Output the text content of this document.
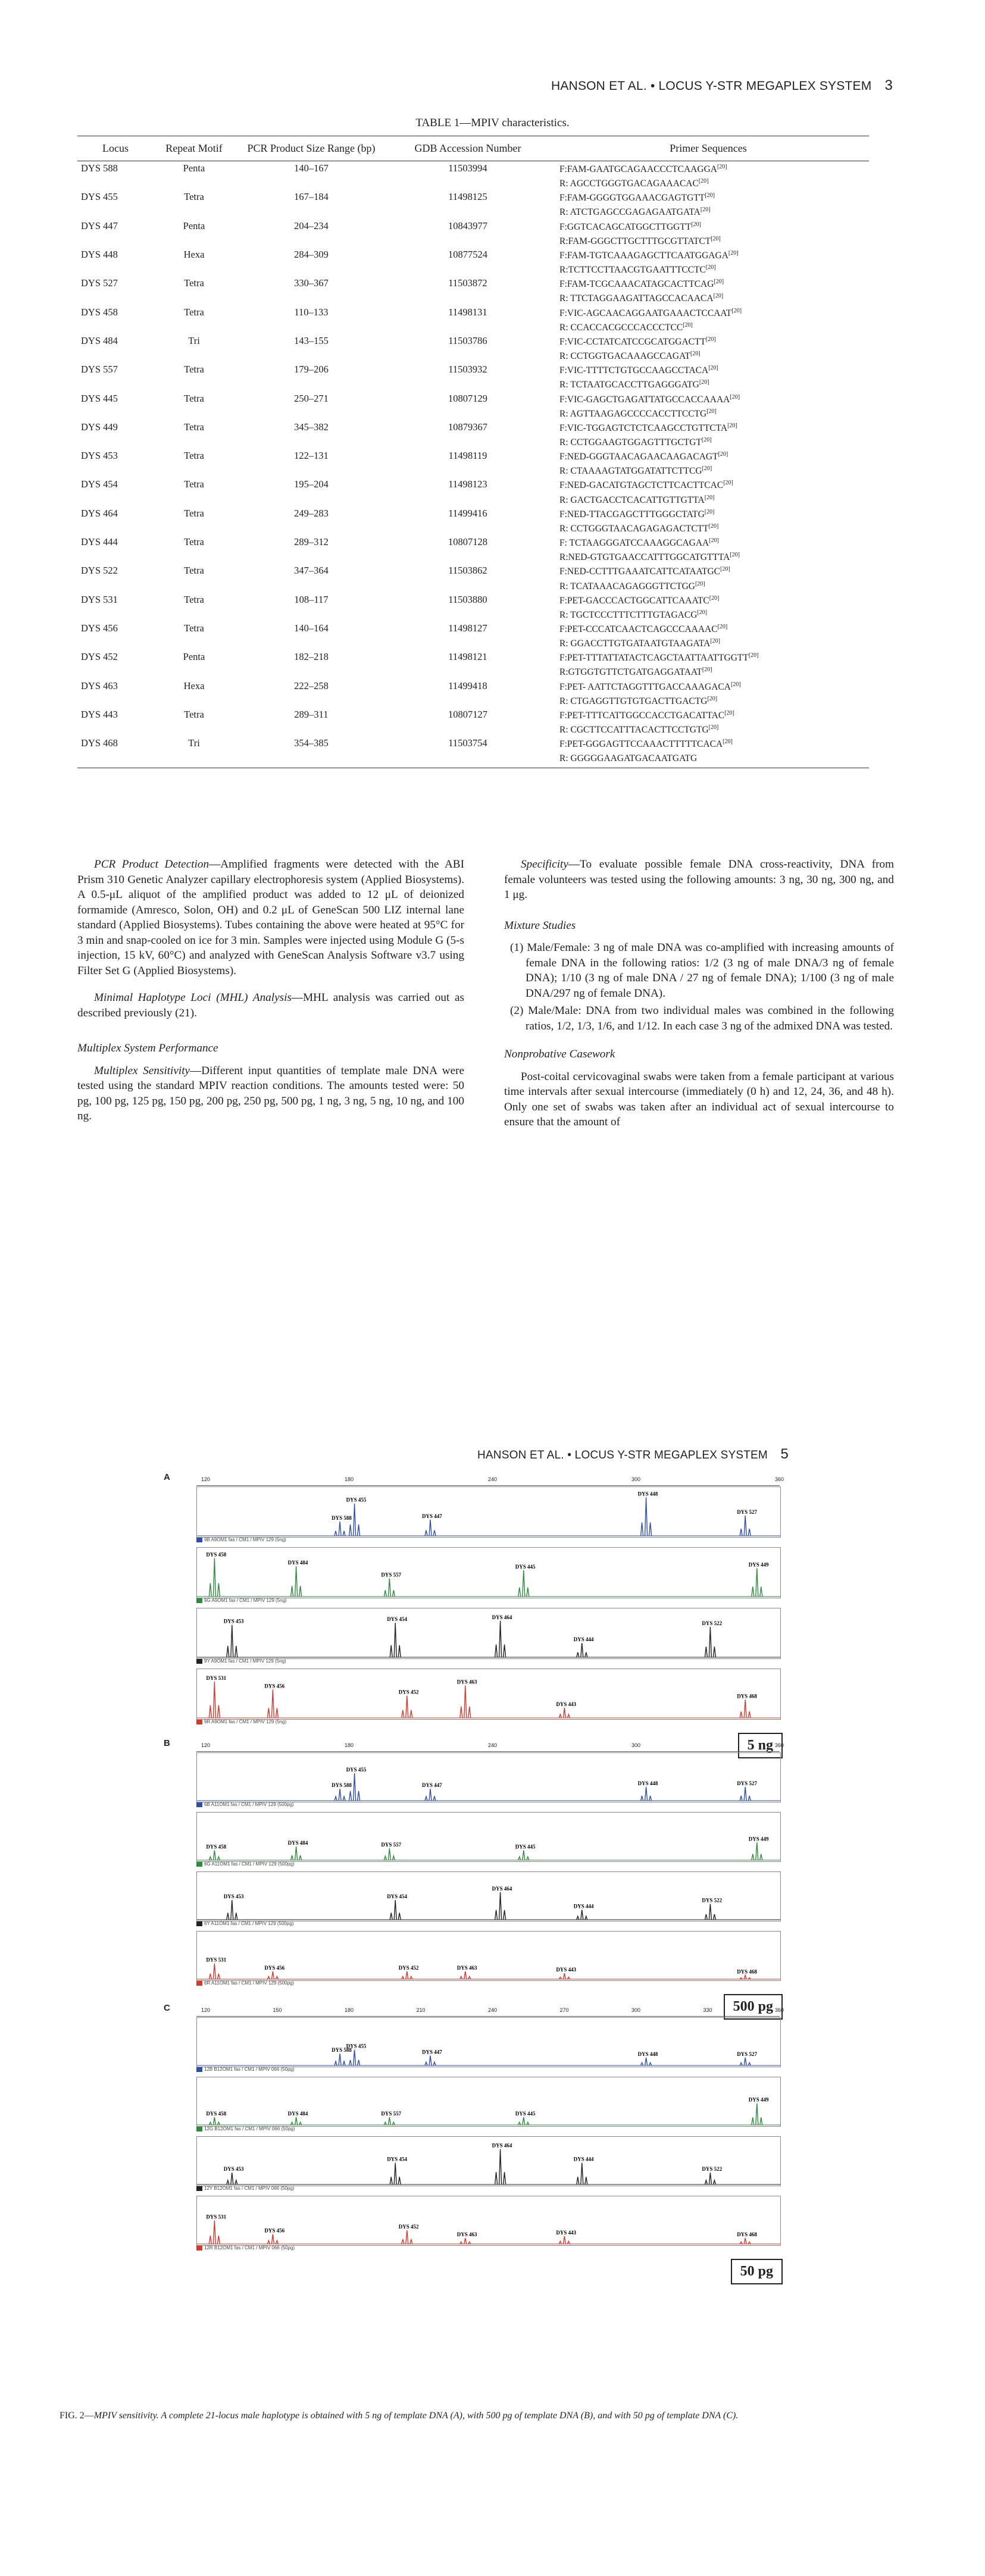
HANSON ET AL. • LOCUS Y-STR MEGAPLEX SYSTEM 3
TABLE 1—MPIV characteristics.
Locus	Repeat Motif	PCR Product Size Range (bp)	GDB Accession Number	Primer Sequences
DYS 588	Penta	140–167	11503994	F:FAM-GAATGCAGAACCCTCAAGGA[20]
R: AGCCTGGGTGACAGAAACAC[20]

DYS 455	Tetra	167–184	11498125	F:FAM-GGGGTGGAAACGAGTGTT[20]
R: ATCTGAGCCGAGAGAATGATA[20]

DYS 447	Penta	204–234	10843977	F:GGTCACAGCATGGCTTGGTT[20]
R:FAM-GGGCTTGCTTTGCGTTATCT[20]

DYS 448	Hexa	284–309	10877524	F:FAM-TGTCAAAGAGCTTCAATGGAGA[20]
R:TCTTCCTTAACGTGAATTTCCTC[20]

DYS 527	Tetra	330–367	11503872	F:FAM-TCGCAAACATAGCACTTCAG[20]
R: TTCTAGGAAGATTAGCCACAACA[20]

DYS 458	Tetra	110–133	11498131	F:VIC-AGCAACAGGAATGAAACTCCAAT[20]
R: CCACCACGCCCACCCTCC[20]

DYS 484	Tri	143–155	11503786	F:VIC-CCTATCATCCGCATGGACTT[20]
R: CCTGGTGACAAAGCCAGAT[20]

DYS 557	Tetra	179–206	11503932	F:VIC-TTTTCTGTGCCAAGCCTACA[20]
R: TCTAATGCACCTTGAGGGATG[20]

DYS 445	Tetra	250–271	10807129	F:VIC-GAGCTGAGATTATGCCACCAAAA[20]
R: AGTTAAGAGCCCCACCTTCCTG[20]

DYS 449	Tetra	345–382	10879367	F:VIC-TGGAGTCTCTCAAGCCTGTTCTA[20]
R: CCTGGAAGTGGAGTTTGCTGT[20]

DYS 453	Tetra	122–131	11498119	F:NED-GGGTAACAGAACAAGACAGT[20]
R: CTAAAAGTATGGATATTCTTCG[20]

DYS 454	Tetra	195–204	11498123	F:NED-GACATGTAGCTCTTCACTTCAC[20]
R: GACTGACCTCACATTGTTGTTA[20]

DYS 464	Tetra	249–283	11499416	F:NED-TTACGAGCTTTGGGCTATG[20]
R: CCTGGGTAACAGAGAGACTCTT[20]

DYS 444	Tetra	289–312	10807128	F: TCTAAGGGATCCAAAGGCAGAA[20]
R:NED-GTGTGAACCATTTGGCATGTTTA[20]

DYS 522	Tetra	347–364	11503862	F:NED-CCTTTGAAATCATTCATAATGC[20]
R: TCATAAACAGAGGGTTCTGG[20]

DYS 531	Tetra	108–117	11503880	F:PET-GACCCACTGGCATTCAAATC[20]
R: TGCTCCCTTTCTTTGTAGACG[20]

DYS 456	Tetra	140–164	11498127	F:PET-CCCATCAACTCAGCCCAAAAC[20]
R: GGACCTTGTGATAATGTAAGATA[20]

DYS 452	Penta	182–218	11498121	F:PET-TTTATTATACTCAGCTAATTAATTGGTT[20]
R:GTGGTGTTCTGATGAGGATAAT[20]

DYS 463	Hexa	222–258	11499418	F:PET- AATTCTAGGTTTGACCAAAGACA[20]
R: CTGAGGTTGTGTGACTTGACTG[20]

DYS 443	Tetra	289–311	10807127	F:PET-TTTCATTGGCCACCTGACATTAC[20]
R: CGCTTCCATTTACACTTCCTGTG[20]

DYS 468	Tri	354–385	11503754	F:PET-GGGAGTTCCAAACTTTTTCACA[20]
R: GGGGGAAGATGACAATGATG

PCR Product Detection—Amplified fragments were detected with the ABI Prism 310 Genetic Analyzer capillary electrophoresis system (Applied Biosystems). A 0.5-μL aliquot of the amplified product was added to 12 μL of deionized formamide (Amresco, Solon, OH) and 0.2 μL of GeneScan 500 LIZ internal lane standard (Applied Biosystems). Tubes containing the above were heated at 95°C for 3 min and snap-cooled on ice for 3 min. Samples were injected using Module G (5-s injection, 15 kV, 60°C) and analyzed with GeneScan Analysis Software v3.7 using Filter Set G (Applied Biosystems).

Minimal Haplotype Loci (MHL) Analysis—MHL analysis was carried out as described previously (21).

Multiplex System Performance

Multiplex Sensitivity—Different input quantities of template male DNA were tested using the standard MPIV reaction conditions. The amounts tested were: 50 pg, 100 pg, 125 pg, 150 pg, 200 pg, 250 pg, 500 pg, 1 ng, 3 ng, 5 ng, 10 ng, and 100 ng.

Specificity—To evaluate possible female DNA cross-reactivity, DNA from female volunteers was tested using the following amounts: 3 ng, 30 ng, 300 ng, and 1 μg.

Mixture Studies

(1) Male/Female: 3 ng of male DNA was co-amplified with increasing amounts of female DNA in the following ratios: 1/2 (3 ng of male DNA/3 ng of female DNA); 1/10 (3 ng of male DNA / 27 ng of female DNA); 1/100 (3 ng of male DNA/297 ng of female DNA).

(2) Male/Male: DNA from two individual males was combined in the following ratios, 1/2, 1/3, 1/6, and 1/12. In each case 3 ng of the admixed DNA was tested.

Nonprobative Casework

Post-coital cervicovaginal swabs were taken from a female participant at various time intervals after sexual intercourse (immediately (0 h) and 12, 24, 36, and 48 h). Only one set of swabs was taken after an individual act of sexual intercourse to ensure that the amount of

HANSON ET AL. • LOCUS Y-STR MEGAPLEX SYSTEM 5
A	120	180	240	300	360
DYS 588
DYS 455
DYS 447
DYS 448
DYS 527
9B A9OM1 fas / CM1 / MPIV 129 (5ng)
DYS 458
DYS 484
DYS 557
DYS 445	DYS 449
9G A9OM1 fas / CM1 / MPIV 129 (5ng)
DYS 453	DYS 454	DYS 464
DYS 444
DYS 522
9Y A9OM1 fas / CM1 / MPIV 129 (5ng)
DYS 531
DYS 456
DYS 452
DYS 463
DYS 443
DYS 468
9R A9OM1 fas / CM1 / MPIV 129 (5ng)
5 ng
B	120	180	240	300	360
DYS 588
DYS 455
DYS 447	DYS 448	DYS 527
6B A11OM1 fas / CM1 / MPIV 129 (500pg)
DYS 458
DYS 484	DYS 557	DYS 445
DYS 449
6G A11OM1 fas / CM1 / MPIV 129 (500pg)
DYS 453	DYS 454
DYS 464
DYS 444
DYS 522
6Y A11OM1 fas / CM1 / MPIV 129 (500pg)
DYS 531
DYS 456	DYS 452	DYS 463	DYS 443	DYS 468
6R A11OM1 fas / CM1 / MPIV 129 (500pg)
500 pg
C	120	150	180	210	240	270	300	330	360
DYS 588
DYS 455
DYS 447	DYS 448	DYS 527
12B B12OM1 fas / CM1 / MPIV 066 (50pg)
DYS 458	DYS 484	DYS 557	DYS 445
DYS 449
12G B12OM1 fas / CM1 / MPIV 066 (50pg)
DYS 453
DYS 454
DYS 464
DYS 444
DYS 522
12Y B12OM1 fas / CM1 / MPIV 066 (50pg)
DYS 531
DYS 456
DYS 452
DYS 463	DYS 443	DYS 468
12R B12OM1 fas / CM1 / MPIV 066 (50pg)
50 pg
FIG. 2—MPIV sensitivity. A complete 21-locus male haplotype is obtained with 5 ng of template DNA (A), with 500 pg of template DNA (B), and with 50 pg of template DNA (C).
